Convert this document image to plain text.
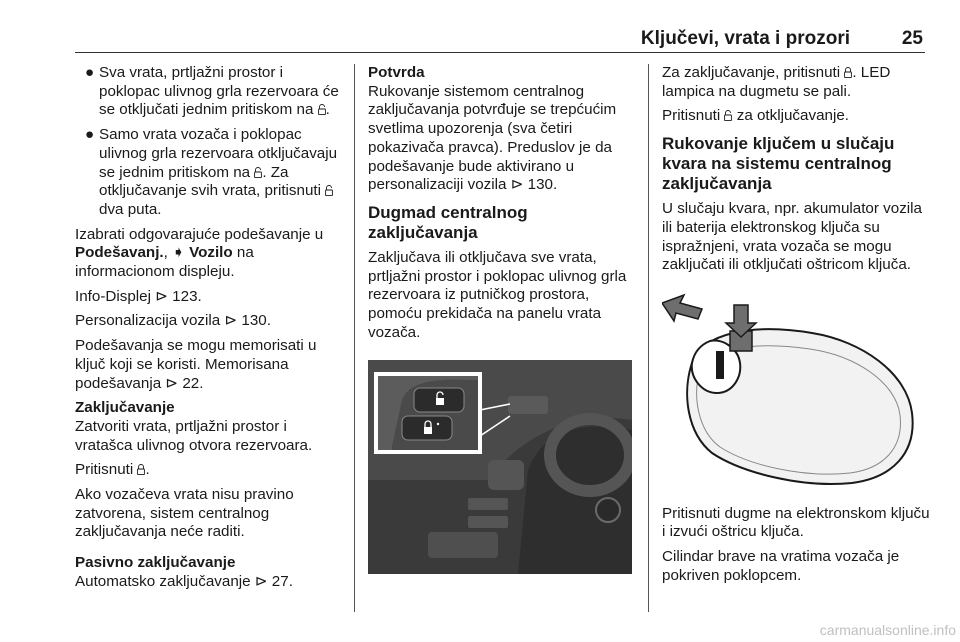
Ključevi, vrata i prozori	25
● Sva vrata, prtljažni prostor i poklopac ulivnog grla rezervoara će se otključati jednim pritiskom na .
● Samo vrata vozača i poklopac ulivnog grla rezervoara otključavaju se jednim pritiskom na . Za otključavanje svih vrata, pritisnuti  dva puta.

Izabrati odgovarajuće podešavanje u Podešavanj., ➧ Vozilo na informacionom displeju.

Info-Displej ⊳ 123.

Personalizacija vozila ⊳ 130.

Podešavanja se mogu memorisati u ključ koji se koristi. Memorisana podešavanja ⊳ 22.

Zaključavanje
Zatvoriti vrata, prtljažni prostor i vratašca ulivnog otvora rezervoara.

Pritisnuti .

Ako vozačeva vrata nisu pravino zatvorena, sistem centralnog zaključavanja neće raditi.

Pasivno zaključavanje
Automatsko zaključavanje ⊳ 27.
Potvrda
Rukovanje sistemom centralnog zaključavanja potvrđuje se trepćućim svetlima upozorenja (sva četiri pokazivača pravca). Preduslov je da podešavanje bude aktivirano u personalizaciji vozila ⊳ 130.
Dugmad centralnog zaključavanja

Zaključava ili otključava sve vrata, prtljažni prostor i poklopac ulivnog grla rezervoara iz putničkog prostora, pomoću prekidača na panelu vrata vozača.

Za zaključavanje, pritisnuti . LED lampica na dugmetu se pali.

Pritisnuti za otključavanje.

Rukovanje ključem u slučaju kvara na sistemu centralnog zaključavanja

U slučaju kvara, npr. akumulator vozila ili baterija elektronskog ključa su ispražnjeni, vrata vozača se mogu zaključati ili otključati oštricom ključa.

Pritisnuti dugme na elektronskom ključu i izvući oštricu ključa.

Cilindar brave na vratima vozača je pokriven poklopcem.

carmanualsonline.info
